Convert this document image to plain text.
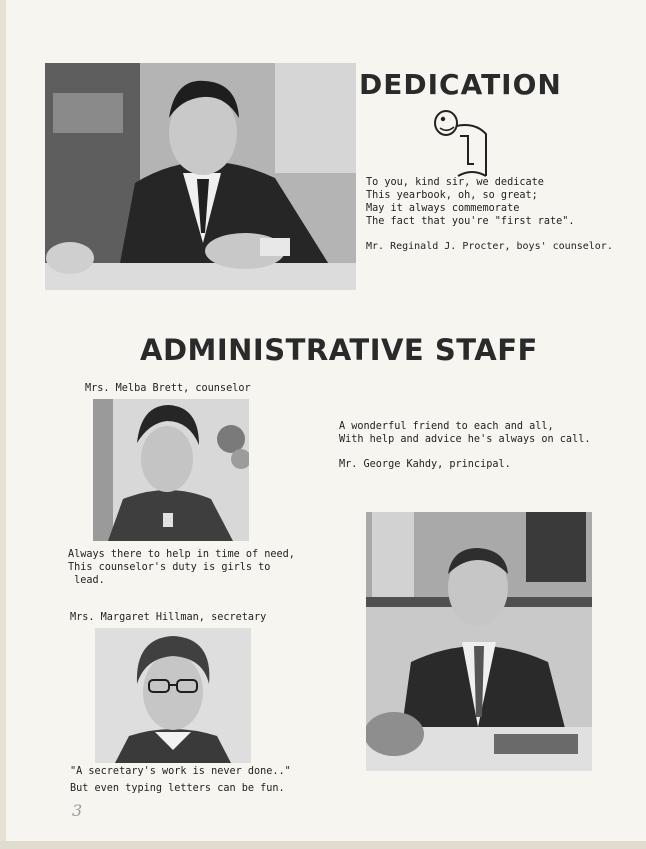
DEDICATION

To you, kind sir, we dedicate

This yearbook, oh, so great;

May it always commemorate

The fact that you're "first rate".

Mr. Reginald J. Procter, boys' counselor.

ADMINISTRATIVE STAFF

Mrs. Melba Brett, counselor

Always there to help in time of need,

This counselor's duty is girls to

lead.

A wonderful friend to each and all,

With help and advice he's always on call.

Mr. George Kahdy, principal.

Mrs. Margaret Hillman, secretary

"A secretary's work is never done.."

But even typing letters can be fun.

3
